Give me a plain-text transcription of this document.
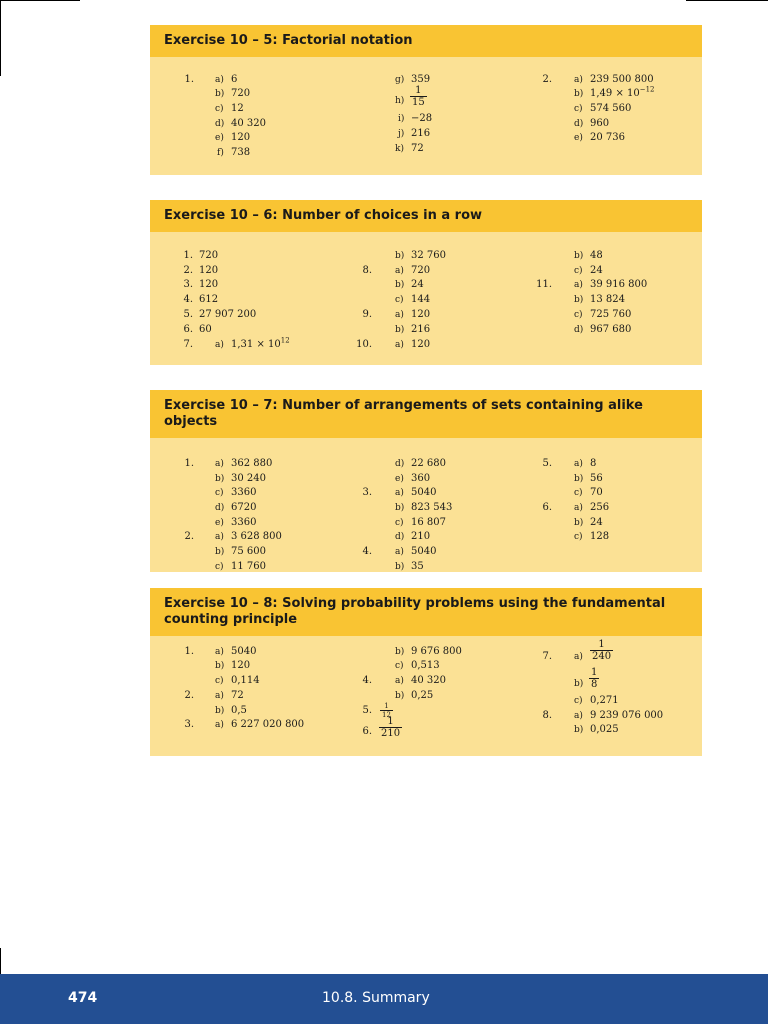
Exercise 10 – 5: Factorial notation
1. a) 6
b) 720
c) 12
d) 40 320
e) 120
f) 738
g) 359
$h) \frac{1}{15}$
i) −28
j) 216
k) 72
2. a) 239 500 800
b) $1,49 \times 10^{-12}$
c) 574 560
d) 960
e) 20 736
Exercise 10 – 6: Number of choices in a row
1. 720
2. 120
3. 120
4. 612
5. 27 907 200
6. 60
7. a) $1,31 \times 10^{12}$
b) 32 760
8.	a) 720
b) 24
c) 144
9.	a) 120
b) 216
10.	a) 120
b) 48
c) 24
11. a) 39 916 800
b) 13 824
c) 725 760
d) 967 680
Exercise 10 – 7: Number of arrangements of sets containing alike objects
1. a) 362 880
b) 30 240
c) 3360
d) 6720
e) 3360
2. a) 3 628 800
b) 75 600
c) 11 760
d) 22 680
e) 360
3.	a) 5040
b) 823 543
c) 16 807
d) 210
4.	a) 5040
b) 35
5. a) 8
b) 56
c) 70
6. a) 256
b) 24
c) 128
Exercise 10 – 8: Solving probability problems using the fundamental counting principle
1. a) 5040
b) 120
c) 0,114
2. a) 72
b) 0,5
3. a) 6 227 020 800
b) 9 676 800
c) 0,513
4.	a) 40 320
b) 0,25
5. $\frac{1}{12}$
6. $\frac{1}{210}$
7. $a) \frac{1}{240}$
$b) \frac{1}{8}$
c) 0,271
8. a) 9 239 076 000
b) 0,025
474	10.8. Summary
